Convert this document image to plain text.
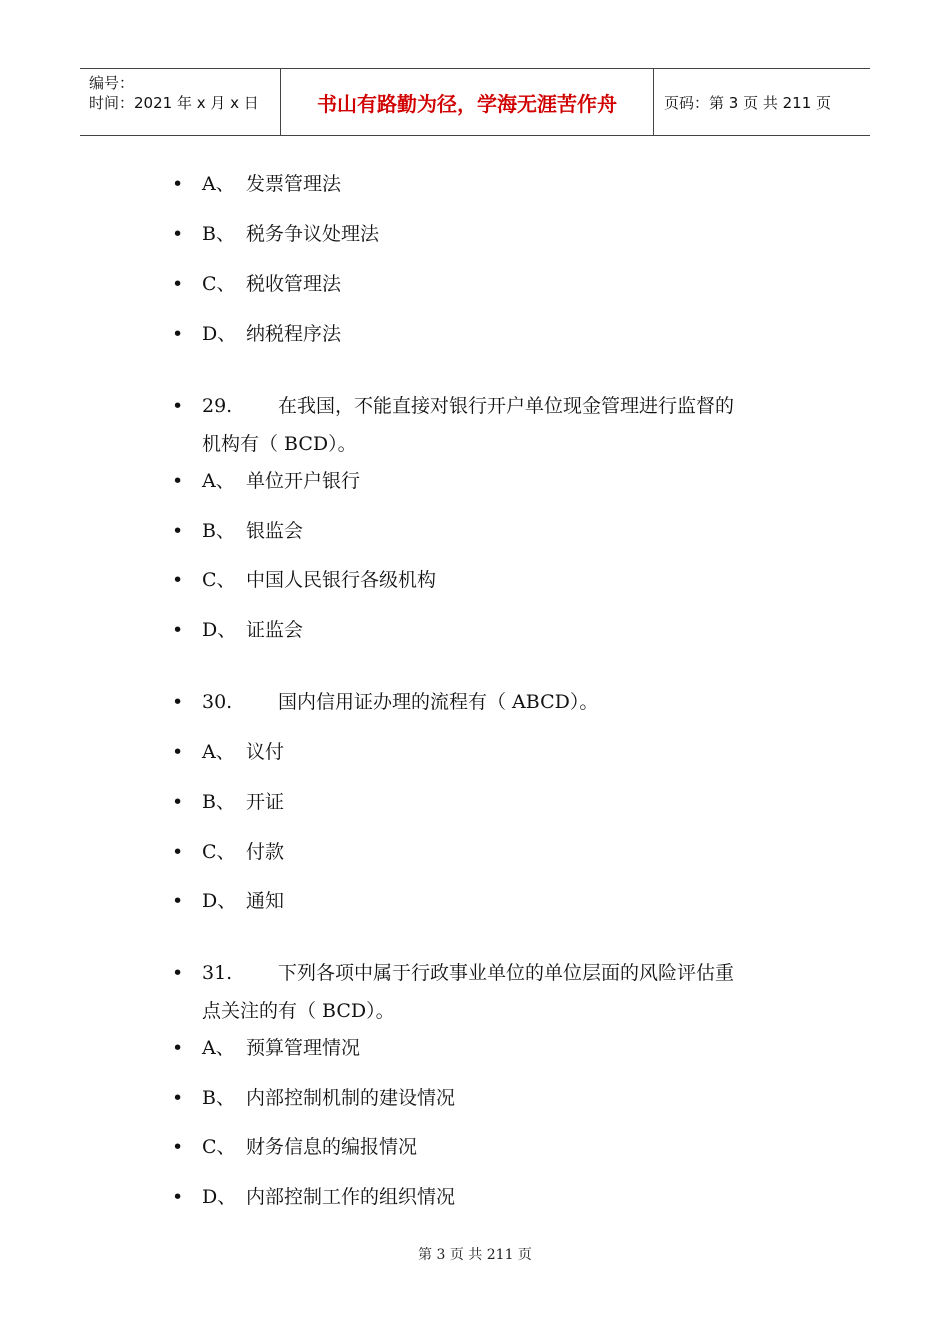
编号：
时间：2021 年 x 月 x 日	书山有路勤为径，学海无涯苦作舟	页码：第 3 页 共 211 页
•
A、 发票管理法
•
B、 税务争议处理法
•
C、 税收管理法
•
D、 纳税程序法
•
29. 在我国，不能直接对银行开户单位现金管理进行监督的
机构有（ BCD）。
•
A、 单位开户银行
•
B、 银监会
•
C、 中国人民银行各级机构
•
D、 证监会
•
30. 国内信用证办理的流程有（ ABCD）。
•
A、 议付
•
B、 开证
•
C、 付款
•
D、 通知
•
31. 下列各项中属于行政事业单位的单位层面的风险评估重
点关注的有（ BCD）。
•
A、 预算管理情况
•
B、 内部控制机制的建设情况
•
C、 财务信息的编报情况
•
D、 内部控制工作的组织情况
第 3 页 共 211 页
